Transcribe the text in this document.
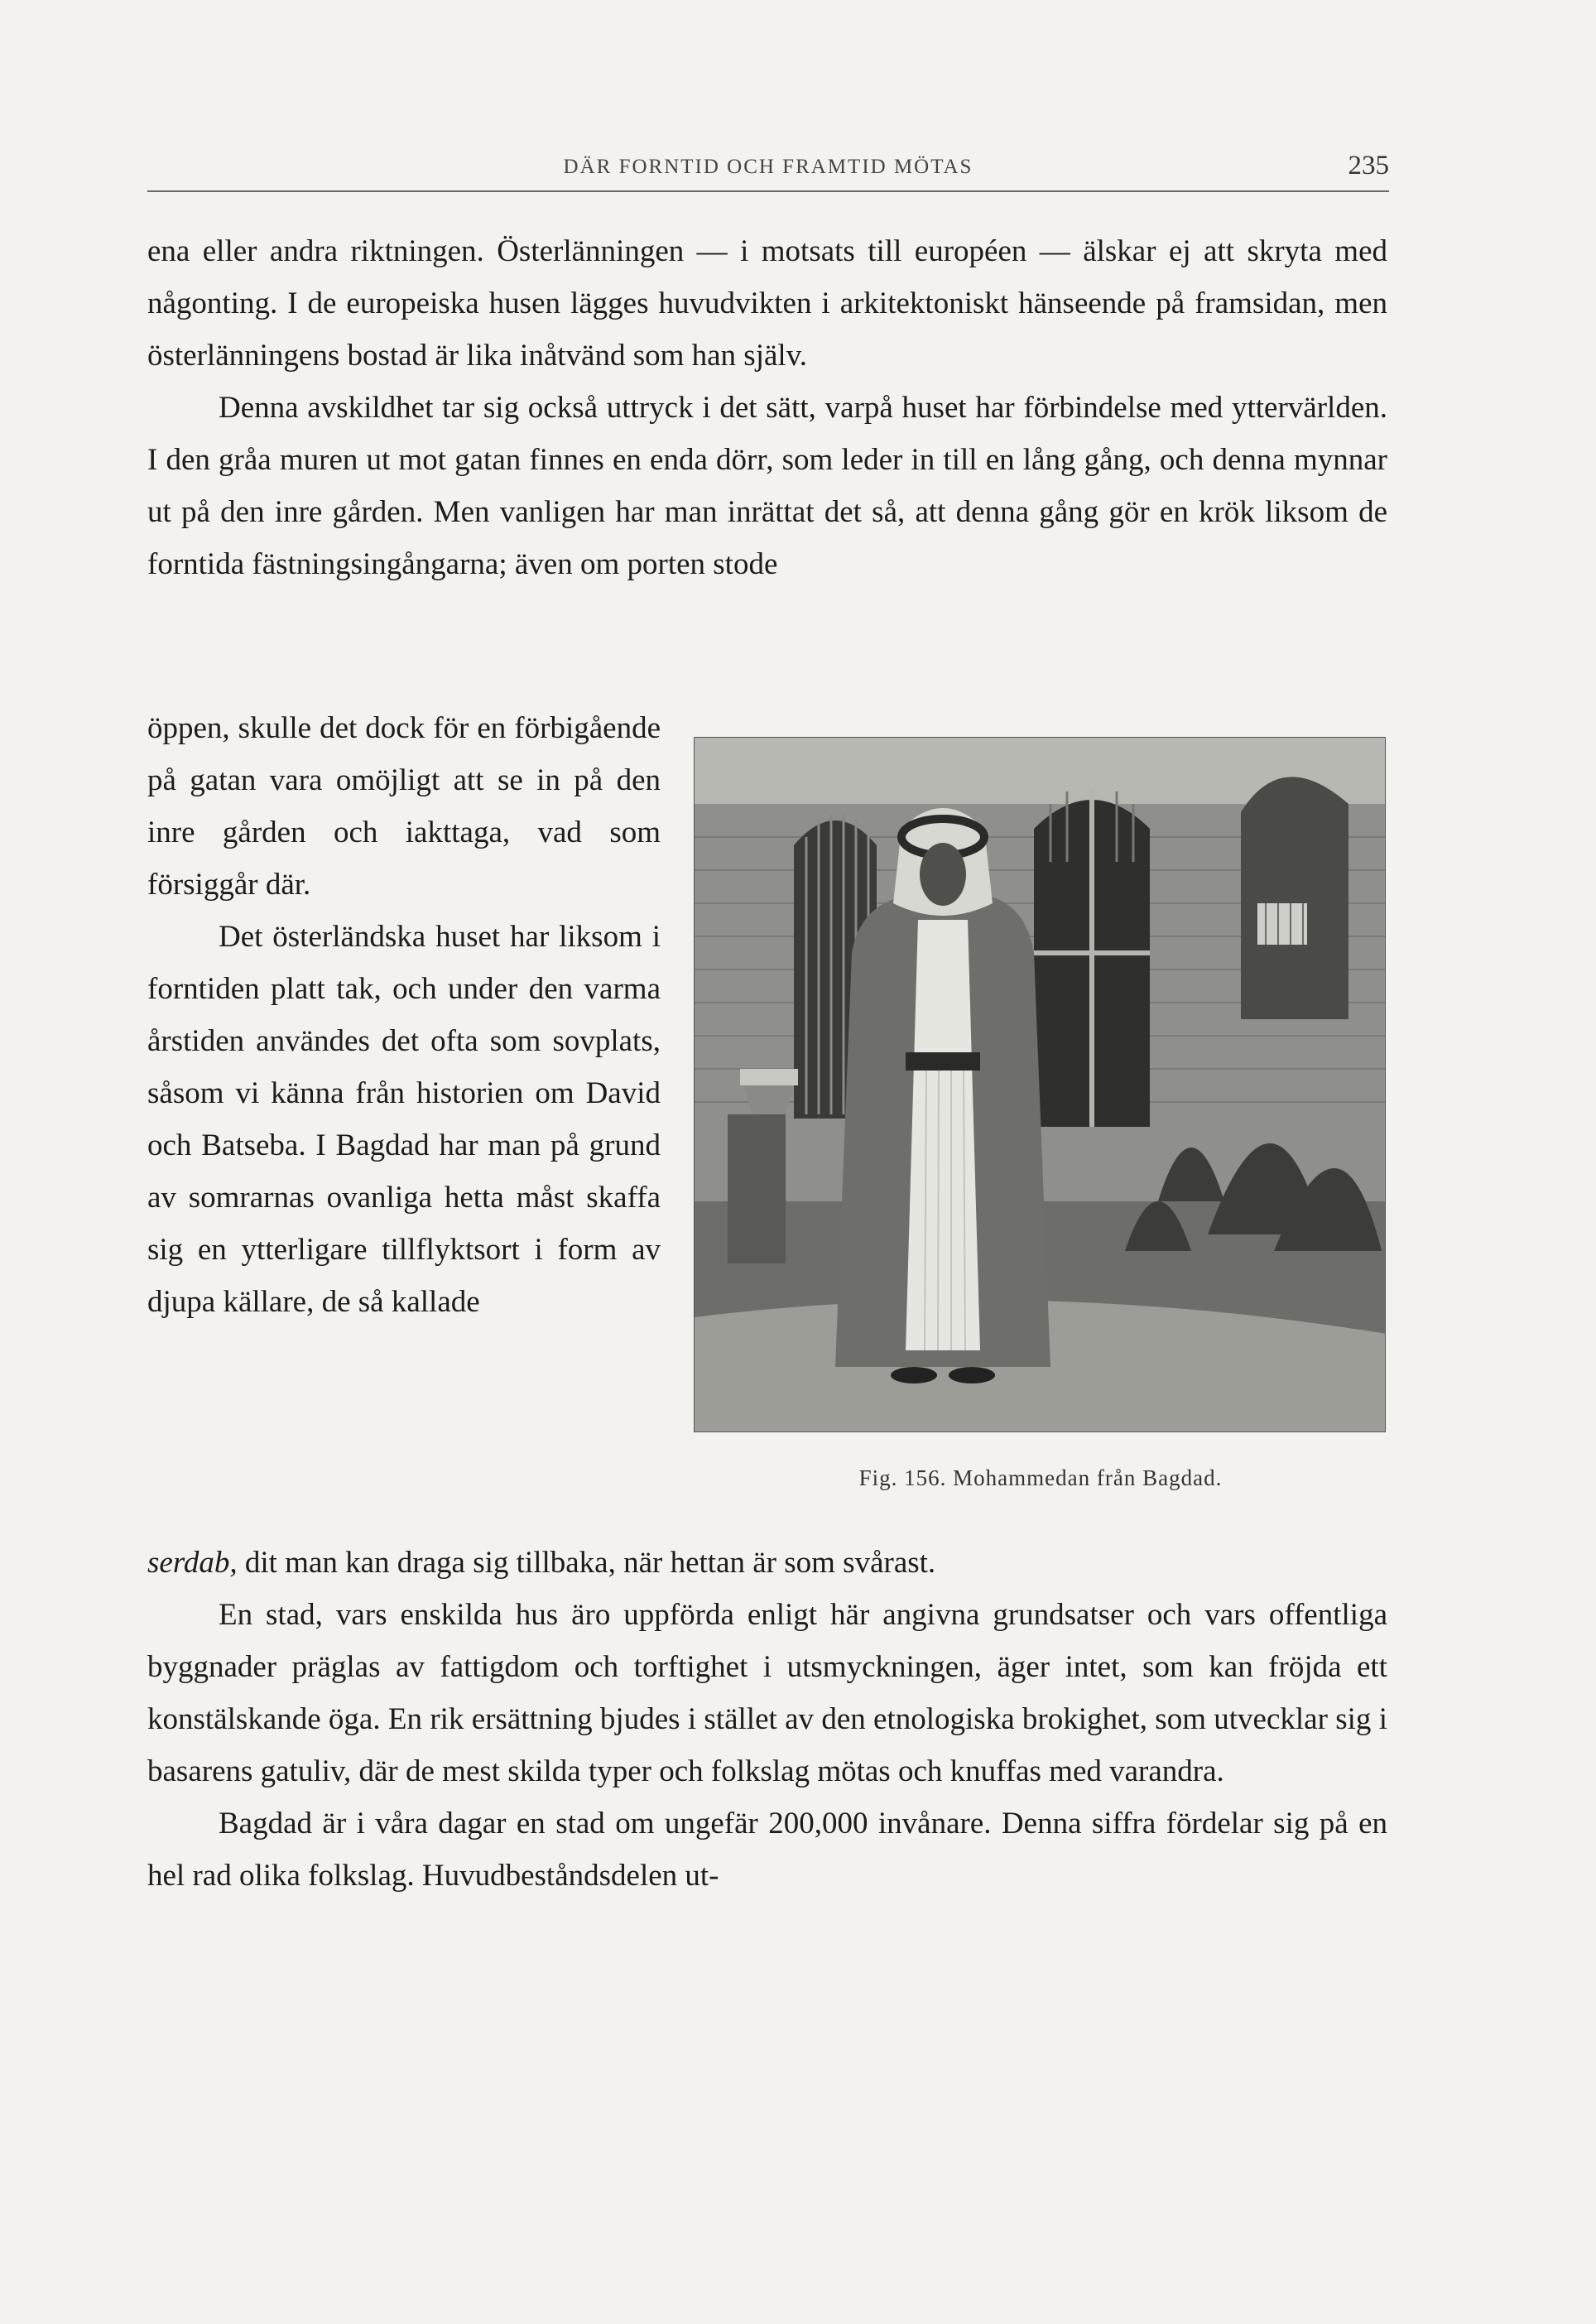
DÄR FORNTID OCH FRAMTID MÖTAS	235

ena eller andra riktningen. Österlänningen — i motsats till européen — älskar ej att skryta med någonting. I de europeiska husen lägges huvudvikten i arkitektoniskt hänseende på framsidan, men österlänningens bostad är lika inåtvänd som han själv.

Denna avskildhet tar sig också uttryck i det sätt, varpå huset har förbindelse med yttervärlden. I den gråa muren ut mot gatan finnes en enda dörr, som leder in till en lång gång, och denna mynnar ut på den inre gården. Men vanligen har man inrättat det så, att denna gång gör en krök liksom de forntida fästningsingångarna; även om porten stode

öppen, skulle det dock för en förbigående på gatan vara omöjligt att se in på den inre gården och iakttaga, vad som försiggår där.

Det österländska huset har liksom i forntiden platt tak, och under den varma årstiden användes det ofta som sovplats, såsom vi känna från historien om David och Batseba. I Bagdad har man på grund av somrarnas ovanliga hetta måst skaffa sig en ytterligare tillflyktsort i form av djupa källare, de så kallade

serdab, dit man kan draga sig tillbaka, när hettan är som svårast.

En stad, vars enskilda hus äro uppförda enligt här angivna grundsatser och vars offentliga byggnader präglas av fattigdom och torftighet i utsmyckningen, äger intet, som kan fröjda ett konstälskande öga. En rik ersättning bjudes i stället av den etnologiska brokighet, som utvecklar sig i basarens gatuliv, där de mest skilda typer och folkslag mötas och knuffas med varandra.

Bagdad är i våra dagar en stad om ungefär 200,000 invånare. Denna siffra fördelar sig på en hel rad olika folkslag. Huvudbeståndsdelen ut-

Fig. 156. Mohammedan från Bagdad.
